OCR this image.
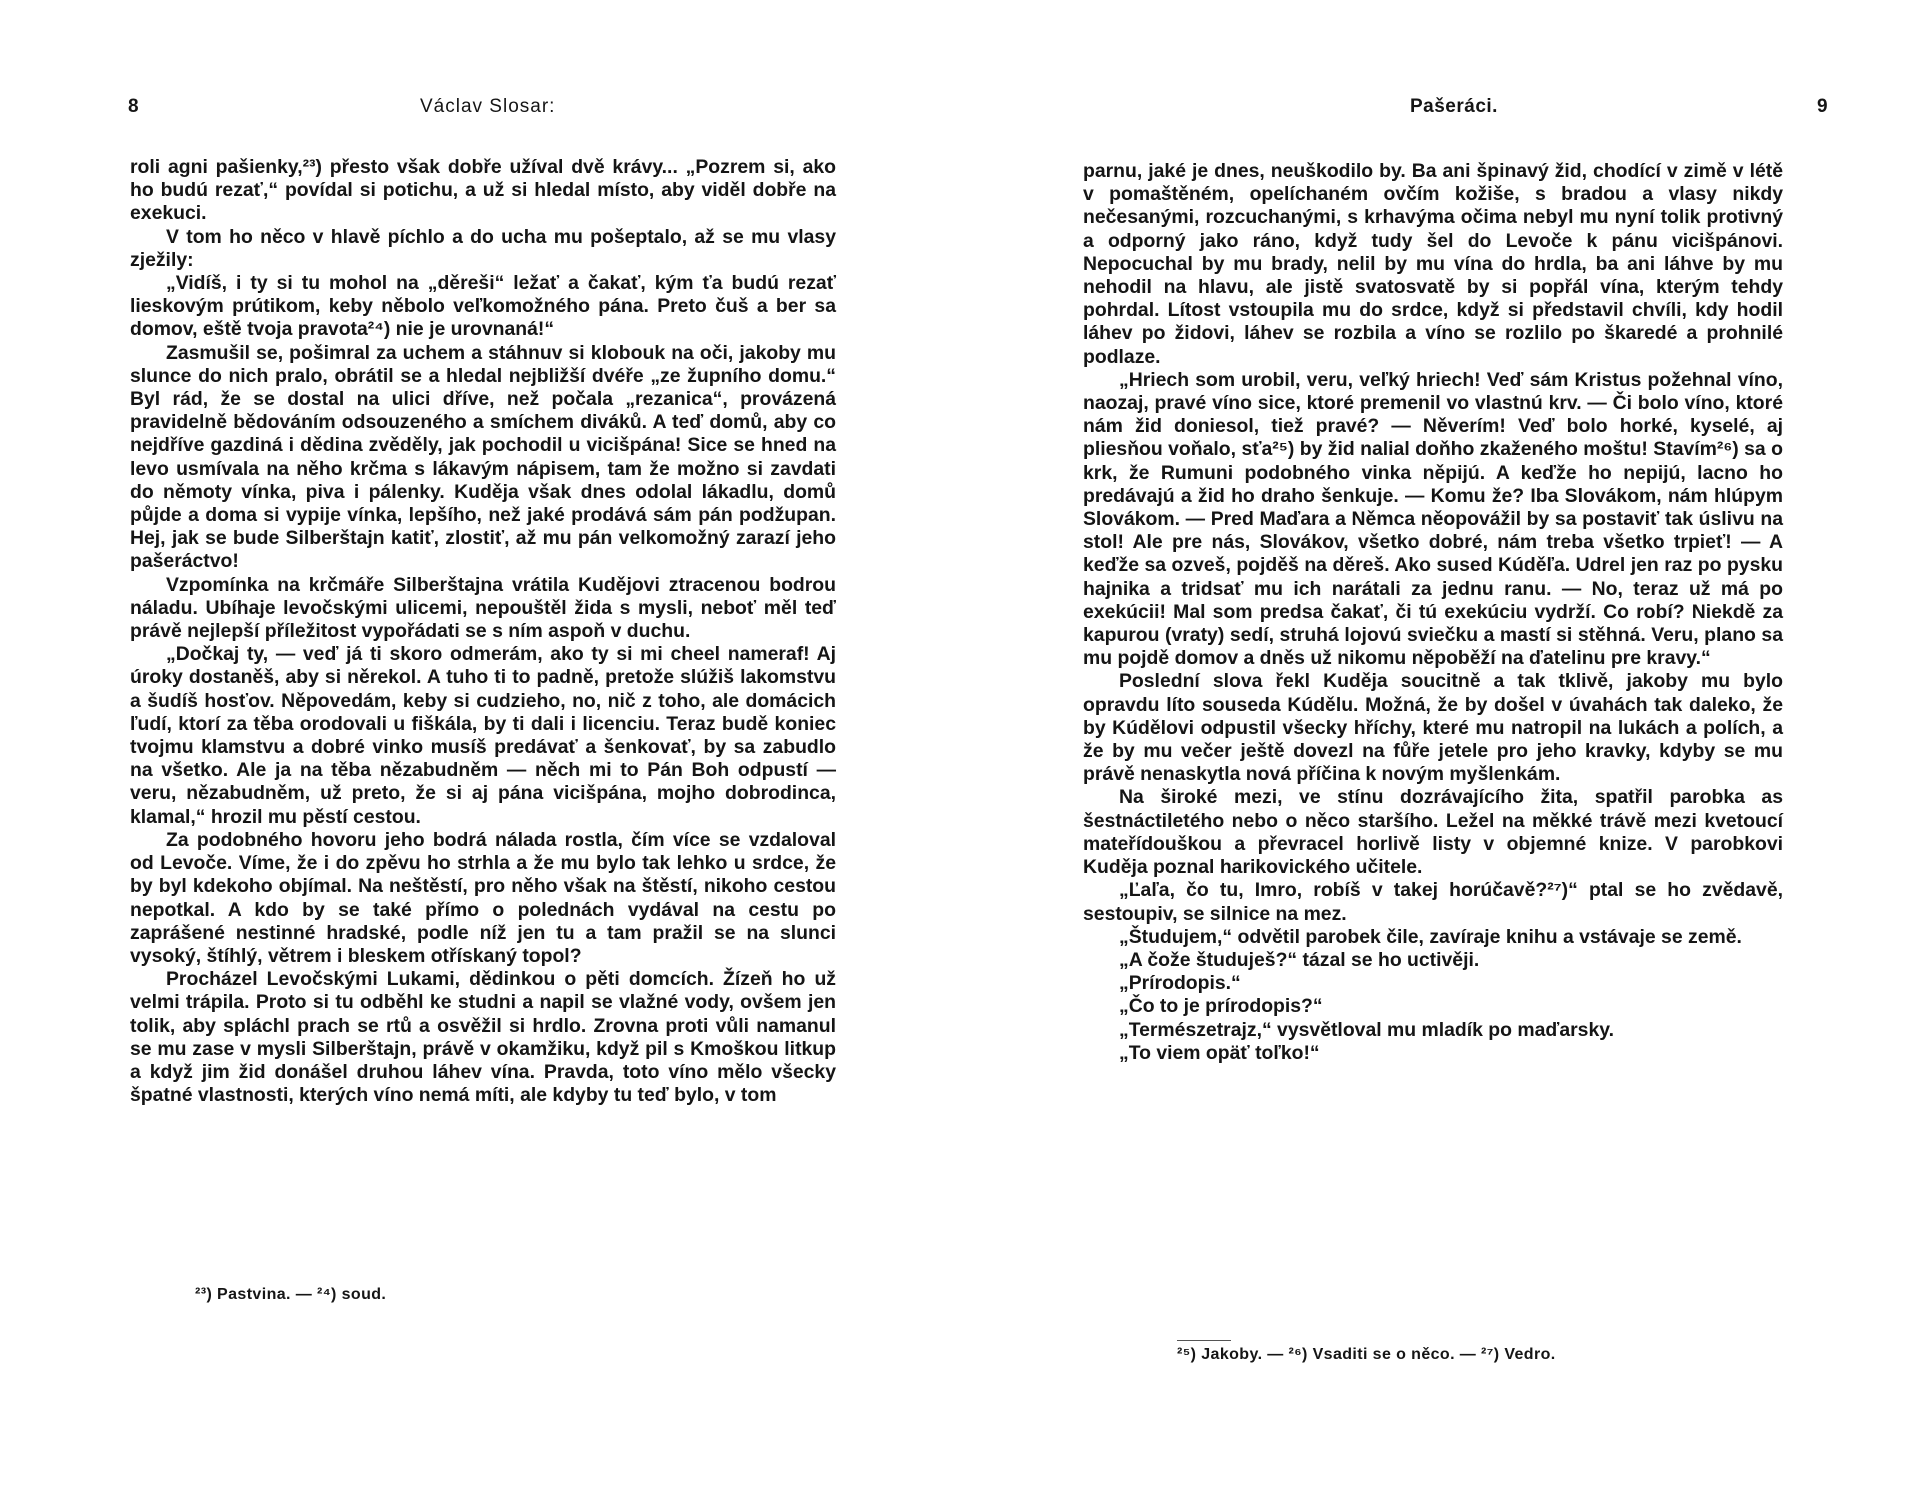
8	Václav Slosar:

roli agni pašienky,²³) přesto však dobře užíval dvě krávy... „Pozrem si, ako ho budú rezať,“ povídal si potichu, a už si hledal místo, aby viděl dobře na exekuci.

V tom ho něco v hlavě píchlo a do ucha mu pošeptalo, až se mu vlasy zježily:

„Vidíš, i ty si tu mohol na „děreši“ ležať a čakať, kým ťa budú rezať lieskovým prútikom, keby něbolo veľkomožného pána. Preto čuš a ber sa domov, eště tvoja pravota²⁴) nie je urovnaná!“

Zasmušil se, pošimral za uchem a stáhnuv si klobouk na oči, jakoby mu slunce do nich pralo, obrátil se a hledal nejbližší dvéře „ze župního domu.“ Byl rád, že se dostal na ulici dříve, než počala „rezanica“, provázená pravidelně bědováním odsouzeného a smíchem diváků. A teď domů, aby co nejdříve gazdiná i dědina zvěděly, jak pochodil u vicišpána! Sice se hned na levo usmívala na něho krčma s lákavým nápisem, tam že možno si zavdati do němoty vínka, piva i pálenky. Kuděja však dnes odolal lákadlu, domů půjde a doma si vypije vínka, lepšího, než jaké prodává sám pán podžupan. Hej, jak se bude Silberštajn katiť, zlostiť, až mu pán velkomožný zarazí jeho pašeráctvo!

Vzpomínka na krčmáře Silberštajna vrátila Kudějovi ztracenou bodrou náladu. Ubíhaje levočskými ulicemi, nepouštěl žida s mysli, neboť měl teď právě nejlepší příležitost vypořádati se s ním aspoň v duchu.

„Dočkaj ty, — veď já ti skoro odmerám, ako ty si mi cheel nameraf! Aj úroky dostaněš, aby si něrekol. A tuho ti to padně, pretože slúžiš lakomstvu a šudíš hosťov. Něpovedám, keby si cudzieho, no, nič z toho, ale domácich ľudí, ktorí za těba orodovali u fiškála, by ti dali i licenciu. Teraz budě koniec tvojmu klamstvu a dobré vinko musíš predávať a šenkovať, by sa zabudlo na všetko. Ale ja na těba nězabudněm — něch mi to Pán Boh odpustí — veru, nězabudněm, už preto, že si aj pána vicišpána, mojho dobrodinca, klamal,“ hrozil mu pěstí cestou.

Za podobného hovoru jeho bodrá nálada rostla, čím více se vzdaloval od Levoče. Víme, že i do zpěvu ho strhla a že mu bylo tak lehko u srdce, že by byl kdekoho objímal. Na neštěstí, pro něho však na štěstí, nikoho cestou nepotkal. A kdo by se také přímo o polednách vydával na cestu po zaprášené nestinné hradské, podle níž jen tu a tam pražil se na slunci vysoký, štíhlý, větrem i bleskem otřískaný topol?

Procházel Levočskými Lukami, dědinkou o pěti domcích. Žízeň ho už velmi trápila. Proto si tu odběhl ke studni a napil se vlažné vody, ovšem jen tolik, aby spláchl prach se rtů a osvěžil si hrdlo. Zrovna proti vůli namanul se mu zase v mysli Silberštajn, právě v okamžiku, když pil s Kmoškou litkup a když jim žid donášel druhou láhev vína. Pravda, toto víno mělo všecky špatné vlastnosti, kterých víno nemá míti, ale kdyby tu teď bylo, v tom

²³) Pastvina. — ²⁴) soud.
Pašeráci.	9

parnu, jaké je dnes, neuškodilo by. Ba ani špinavý žid, chodící v zimě v létě v pomaštěném, opelíchaném ovčím kožiše, s bradou a vlasy nikdy nečesanými, rozcuchanými, s krhavýma očima nebyl mu nyní tolik protivný a odporný jako ráno, když tudy šel do Levoče k pánu vicišpánovi. Nepocuchal by mu brady, nelil by mu vína do hrdla, ba ani láhve by mu nehodil na hlavu, ale jistě svatosvatě by si popřál vína, kterým tehdy pohrdal. Lítost vstoupila mu do srdce, když si představil chvíli, kdy hodil láhev po židovi, láhev se rozbila a víno se rozlilo po škaredé a prohnilé podlaze.

„Hriech som urobil, veru, veľký hriech! Veď sám Kristus požehnal víno, naozaj, pravé víno sice, ktoré premenil vo vlastnú krv. — Či bolo víno, ktoré nám žid doniesol, tiež pravé? — Něverím! Veď bolo horké, kyselé, aj pliesňou voňalo, sťa²⁵) by žid nalial doňho zkaženého moštu! Stavím²⁶) sa o krk, že Rumuni podobného vinka něpijú. A keďže ho nepijú, lacno ho predávajú a žid ho draho šenkuje. — Komu že? Iba Slovákom, nám hlúpym Slovákom. — Pred Maďara a Němca něopovážil by sa postaviť tak úslivu na stol! Ale pre nás, Slovákov, všetko dobré, nám treba všetko trpieť! — A keďže sa ozveš, pojděš na děreš. Ako sused Kúděľa. Udrel jen raz po pysku hajnika a tridsať mu ich narátali za jednu ranu. — No, teraz už má po exekúcii! Mal som predsa čakať, či tú exekúciu vydrží. Co robí? Niekdě za kapurou (vraty) sedí, struhá lojovú sviečku a mastí si stěhná. Veru, plano sa mu pojdě domov a dněs už nikomu něpoběží na ďatelinu pre kravy.“

Poslední slova řekl Kuděja soucitně a tak tklivě, jakoby mu bylo opravdu líto souseda Kúdělu. Možná, že by došel v úvahách tak daleko, že by Kúdělovi odpustil všecky hříchy, které mu natropil na lukách a polích, a že by mu večer ještě dovezl na fůře jetele pro jeho kravky, kdyby se mu právě nenaskytla nová příčina k novým myšlenkám.

Na široké mezi, ve stínu dozrávajícího žita, spatřil parobka as šestnáctiletého nebo o něco staršího. Ležel na měkké trávě mezi kvetoucí mateřídouškou a převracel horlivě listy v objemné knize. V parobkovi Kuděja poznal harikovického učitele.

„Ľaľa, čo tu, Imro, robíš v takej horúčavě?²⁷)“ ptal se ho zvědavě, sestoupiv, se silnice na mez.

„Študujem,“ odvětil parobek čile, zavíraje knihu a vstávaje se země.

„A čože študuješ?“ tázal se ho uctivěji.

„Prírodopis.“

„Čo to je prírodopis?“

„Természetrajz,“ vysvětloval mu mladík po maďarsky.

„To viem opäť toľko!“

²⁵) Jakoby. — ²⁶) Vsaditi se o něco. — ²⁷) Vedro.
